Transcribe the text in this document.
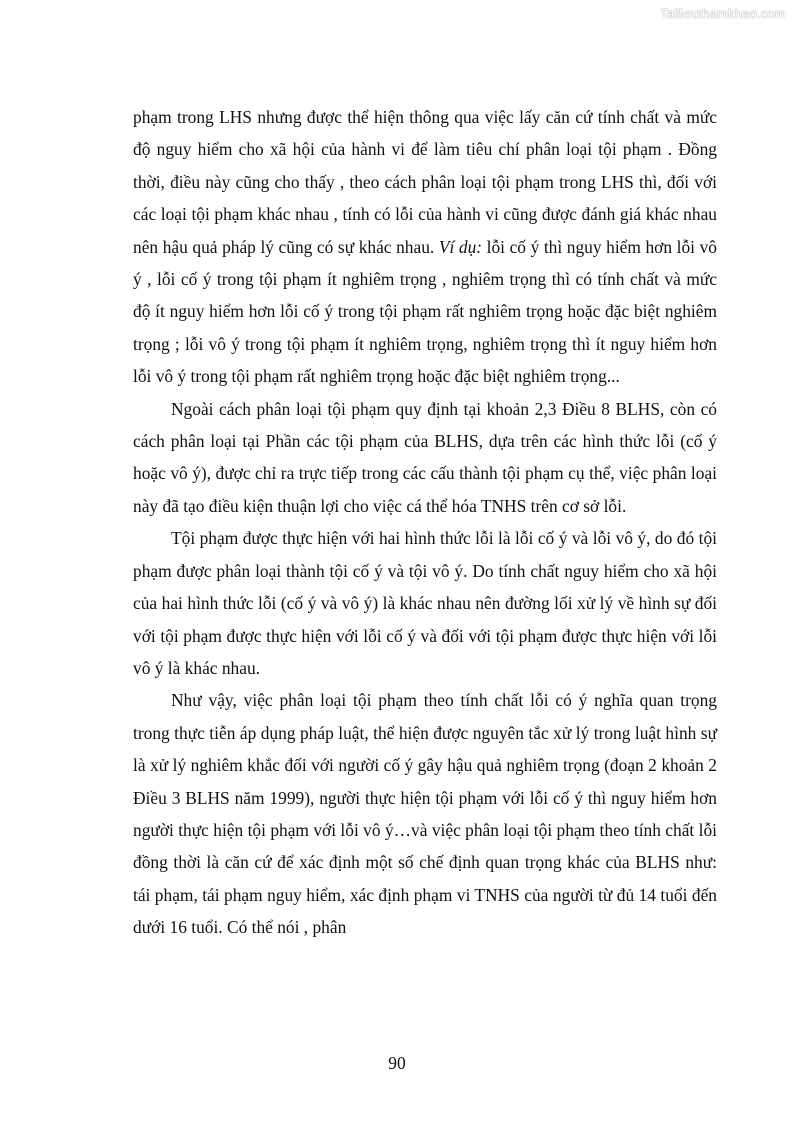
Tailieuthamkhao.com

phạm trong LHS nhưng được thể hiện thông qua việc lấy căn cứ tính chất và mức độ nguy hiểm cho xã hội của hành vi để làm tiêu chí phân loại tội phạm . Đồng thời, điều này cũng cho thấy , theo cách phân loại tội phạm trong LHS thì, đối với các loại tội phạm khác nhau , tính có lỗi của hành vi cũng được đánh giá khác nhau nên hậu quả pháp lý cũng có sự khác nhau. Ví dụ: lỗi cố ý thì nguy hiểm hơn lỗi vô ý , lỗi cố ý trong tội phạm ít nghiêm trọng , nghiêm trọng thì có tính chất và mức độ ít nguy hiểm hơn lỗi cố ý trong tội phạm rất nghiêm trọng hoặc đặc biệt nghiêm trọng ; lỗi vô ý trong tội phạm ít nghiêm trọng, nghiêm trọng thì ít nguy hiểm hơn lỗi vô ý trong tội phạm rất nghiêm trọng hoặc đặc biệt nghiêm trọng...

Ngoài cách phân loại tội phạm quy định tại khoản 2,3 Điều 8 BLHS, còn có cách phân loại tại Phần các tội phạm của BLHS, dựa trên các hình thức lỗi (cố ý hoặc vô ý), được chỉ ra trực tiếp trong các cấu thành tội phạm cụ thể, việc phân loại này đã tạo điều kiện thuận lợi cho việc cá thể hóa TNHS trên cơ sở lỗi.

Tội phạm được thực hiện với hai hình thức lỗi là lỗi cố ý và lỗi vô ý, do đó tội phạm được phân loại thành tội cố ý và tội vô ý. Do tính chất nguy hiểm cho xã hội của hai hình thức lỗi (cố ý và vô ý) là khác nhau nên đường lối xử lý về hình sự đối với tội phạm được thực hiện với lỗi cố ý và đối với tội phạm được thực hiện với lỗi vô ý là khác nhau.

Như vậy, việc phân loại tội phạm theo tính chất lỗi có ý nghĩa quan trọng trong thực tiễn áp dụng pháp luật, thể hiện được nguyên tắc xử lý trong luật hình sự là xử lý nghiêm khắc đối với người cố ý gây hậu quả nghiêm trọng (đoạn 2 khoản 2 Điều 3 BLHS năm 1999), người thực hiện tội phạm với lỗi cố ý thì nguy hiểm hơn người thực hiện tội phạm với lỗi vô ý…và việc phân loại tội phạm theo tính chất lỗi đồng thời là căn cứ để xác định một số chế định quan trọng khác của BLHS như: tái phạm, tái phạm nguy hiểm, xác định phạm vi TNHS của người từ đủ 14 tuổi đến dưới 16 tuổi. Có thể nói , phân

90
